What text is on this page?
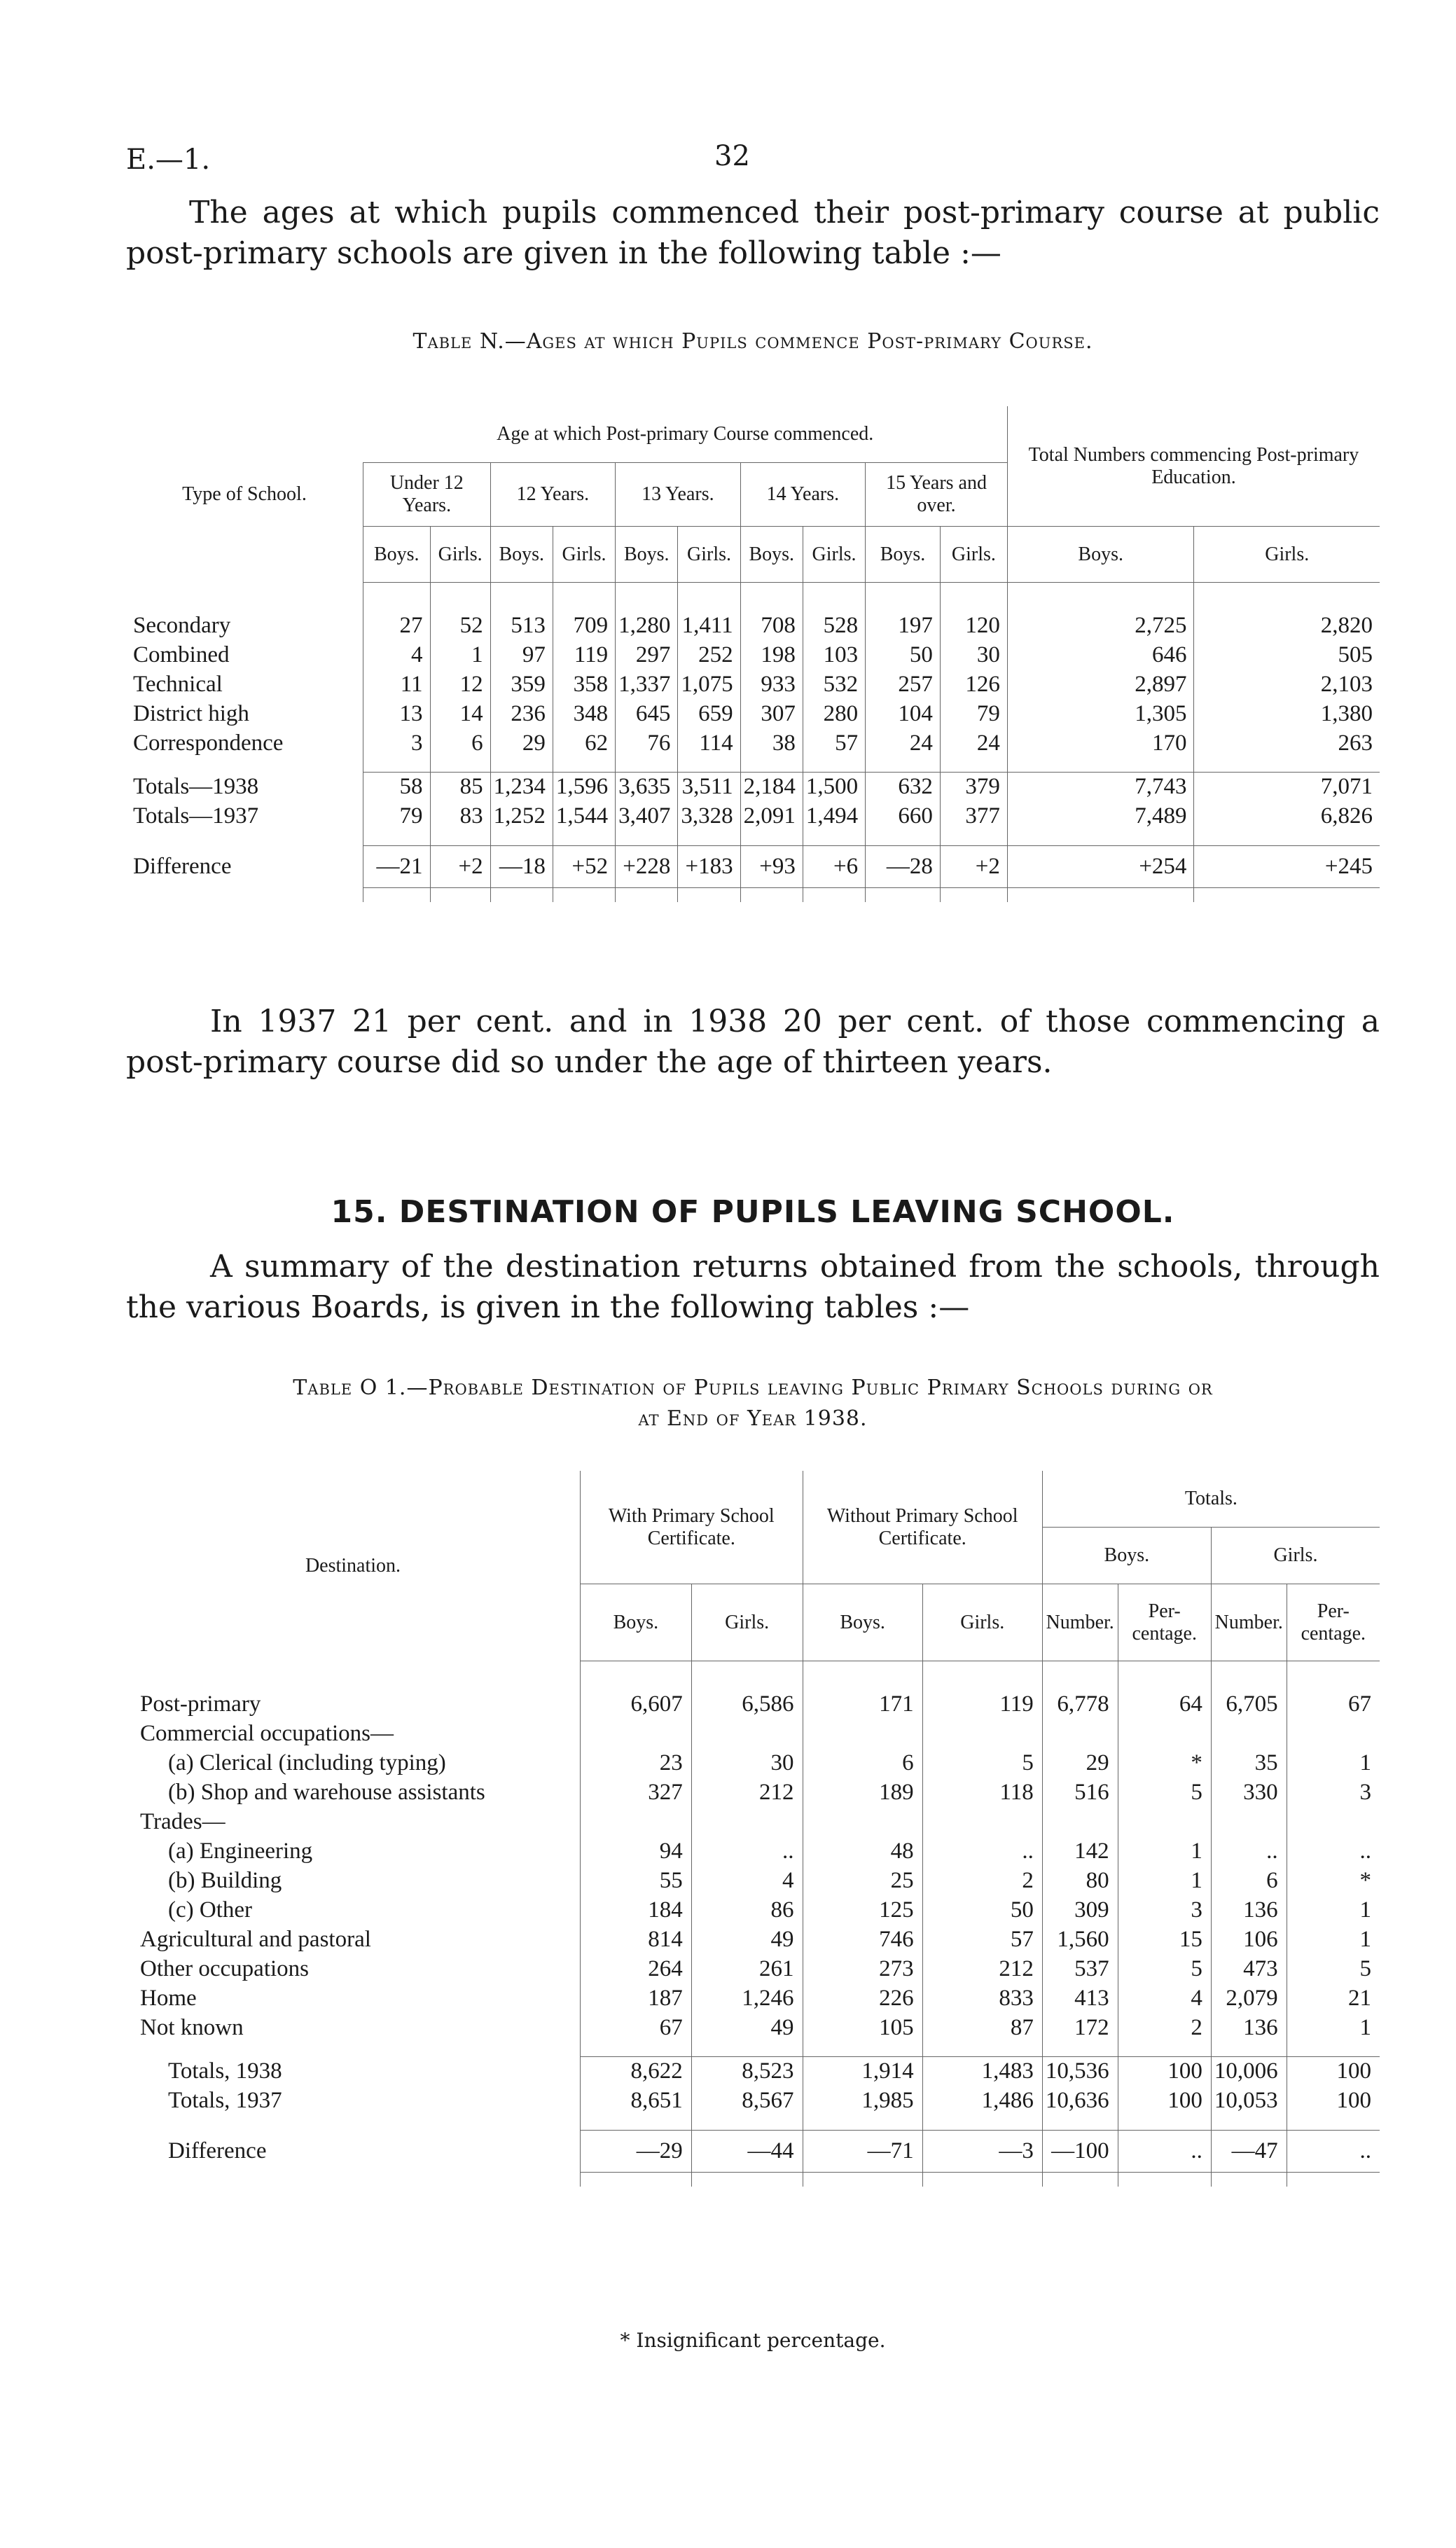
E.—1.	32
The ages at which pupils commenced their post-primary course at public post-primary schools are given in the following table :—
Table N.—Ages at which Pupils commence Post-primary Course.
Type of School.	Age at which Post-primary Course commenced.										Total Numbers commencing Post-primary Education.	
	Under 12 Years.		12 Years.		13 Years.		14 Years.		15 Years and over.			
	Boys.	Girls.	Boys.	Girls.	Boys.	Girls.	Boys.	Girls.	Boys.	Girls.	Boys.	Girls.

Secondary	27	52	513	709	1,280	1,411	708	528	197	120	2,725	2,820
Combined	4	1	97	119	297	252	198	103	50	30	646	505
Technical	11	12	359	358	1,337	1,075	933	532	257	126	2,897	2,103
District high	13	14	236	348	645	659	307	280	104	79	1,305	1,380
Correspondence	3	6	29	62	76	114	38	57	24	24	170	263

Totals—1938	58	85	1,234	1,596	3,635	3,511	2,184	1,500	632	379	7,743	7,071
Totals—1937	79	83	1,252	1,544	3,407	3,328	2,091	1,494	660	377	7,489	6,826

Difference	—21	+2	—18	+52	+228	+183	+93	+6	—28	+2	+254	+245

In 1937 21 per cent. and in 1938 20 per cent. of those commencing a post-primary course did so under the age of thirteen years.
15. DESTINATION OF PUPILS LEAVING SCHOOL.
A summary of the destination returns obtained from the schools, through the various Boards, is given in the following tables :—
Table O 1.—Probable Destination of Pupils leaving Public Primary Schools during or
at End of Year 1938.
Destination.	With Primary School Certificate.		Without Primary School Certificate.		Totals.			
					Boys.		Girls.	
	Boys.	Girls.	Boys.	Girls.	Number.	Per-centage.	Number.	Per-centage.

Post-primary	6,607	6,586	171	119	6,778	64	6,705	67
Commercial occupations—								
(a) Clerical (including typing)	23	30	6	5	29	*	35	1
(b) Shop and warehouse assistants	327	212	189	118	516	5	330	3
Trades—								
(a) Engineering	94	..	48	..	142	1	..	..
(b) Building	55	4	25	2	80	1	6	*
(c) Other	184	86	125	50	309	3	136	1
Agricultural and pastoral	814	49	746	57	1,560	15	106	1
Other occupations	264	261	273	212	537	5	473	5
Home	187	1,246	226	833	413	4	2,079	21
Not known	67	49	105	87	172	2	136	1

Totals, 1938	8,622	8,523	1,914	1,483	10,536	100	10,006	100
Totals, 1937	8,651	8,567	1,985	1,486	10,636	100	10,053	100

Difference	—29	—44	—71	—3	—100	..	—47	..

* Insignificant percentage.
